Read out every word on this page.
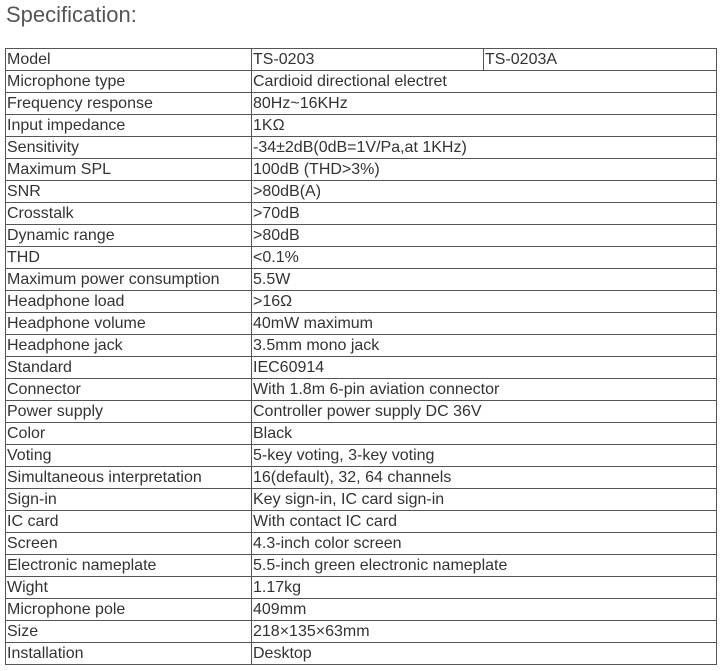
Specification:
Model	TS-0203	TS-0203A
Microphone type	Cardioid directional electret	
Frequency response	80Hz~16KHz	
Input impedance	1KΩ	
Sensitivity	-34±2dB(0dB=1V/Pa,at 1KHz)	
Maximum SPL	100dB (THD>3%)	
SNR	>80dB(A)	
Crosstalk	>70dB	
Dynamic range	>80dB	
THD	<0.1%	
Maximum power consumption	5.5W	
Headphone load	>16Ω	
Headphone volume	40mW maximum	
Headphone jack	3.5mm mono jack	
Standard	IEC60914	
Connector	With 1.8m 6-pin aviation connector	
Power supply	Controller power supply DC 36V	
Color	Black	
Voting	5-key voting, 3-key voting	
Simultaneous interpretation	16(default), 32, 64 channels	
Sign-in	Key sign-in, IC card sign-in	
IC card	With contact IC card	
Screen	4.3-inch color screen	
Electronic nameplate	5.5-inch green electronic nameplate	
Wight	1.17kg	
Microphone pole	409mm	
Size	218×135×63mm	
Installation	Desktop	
